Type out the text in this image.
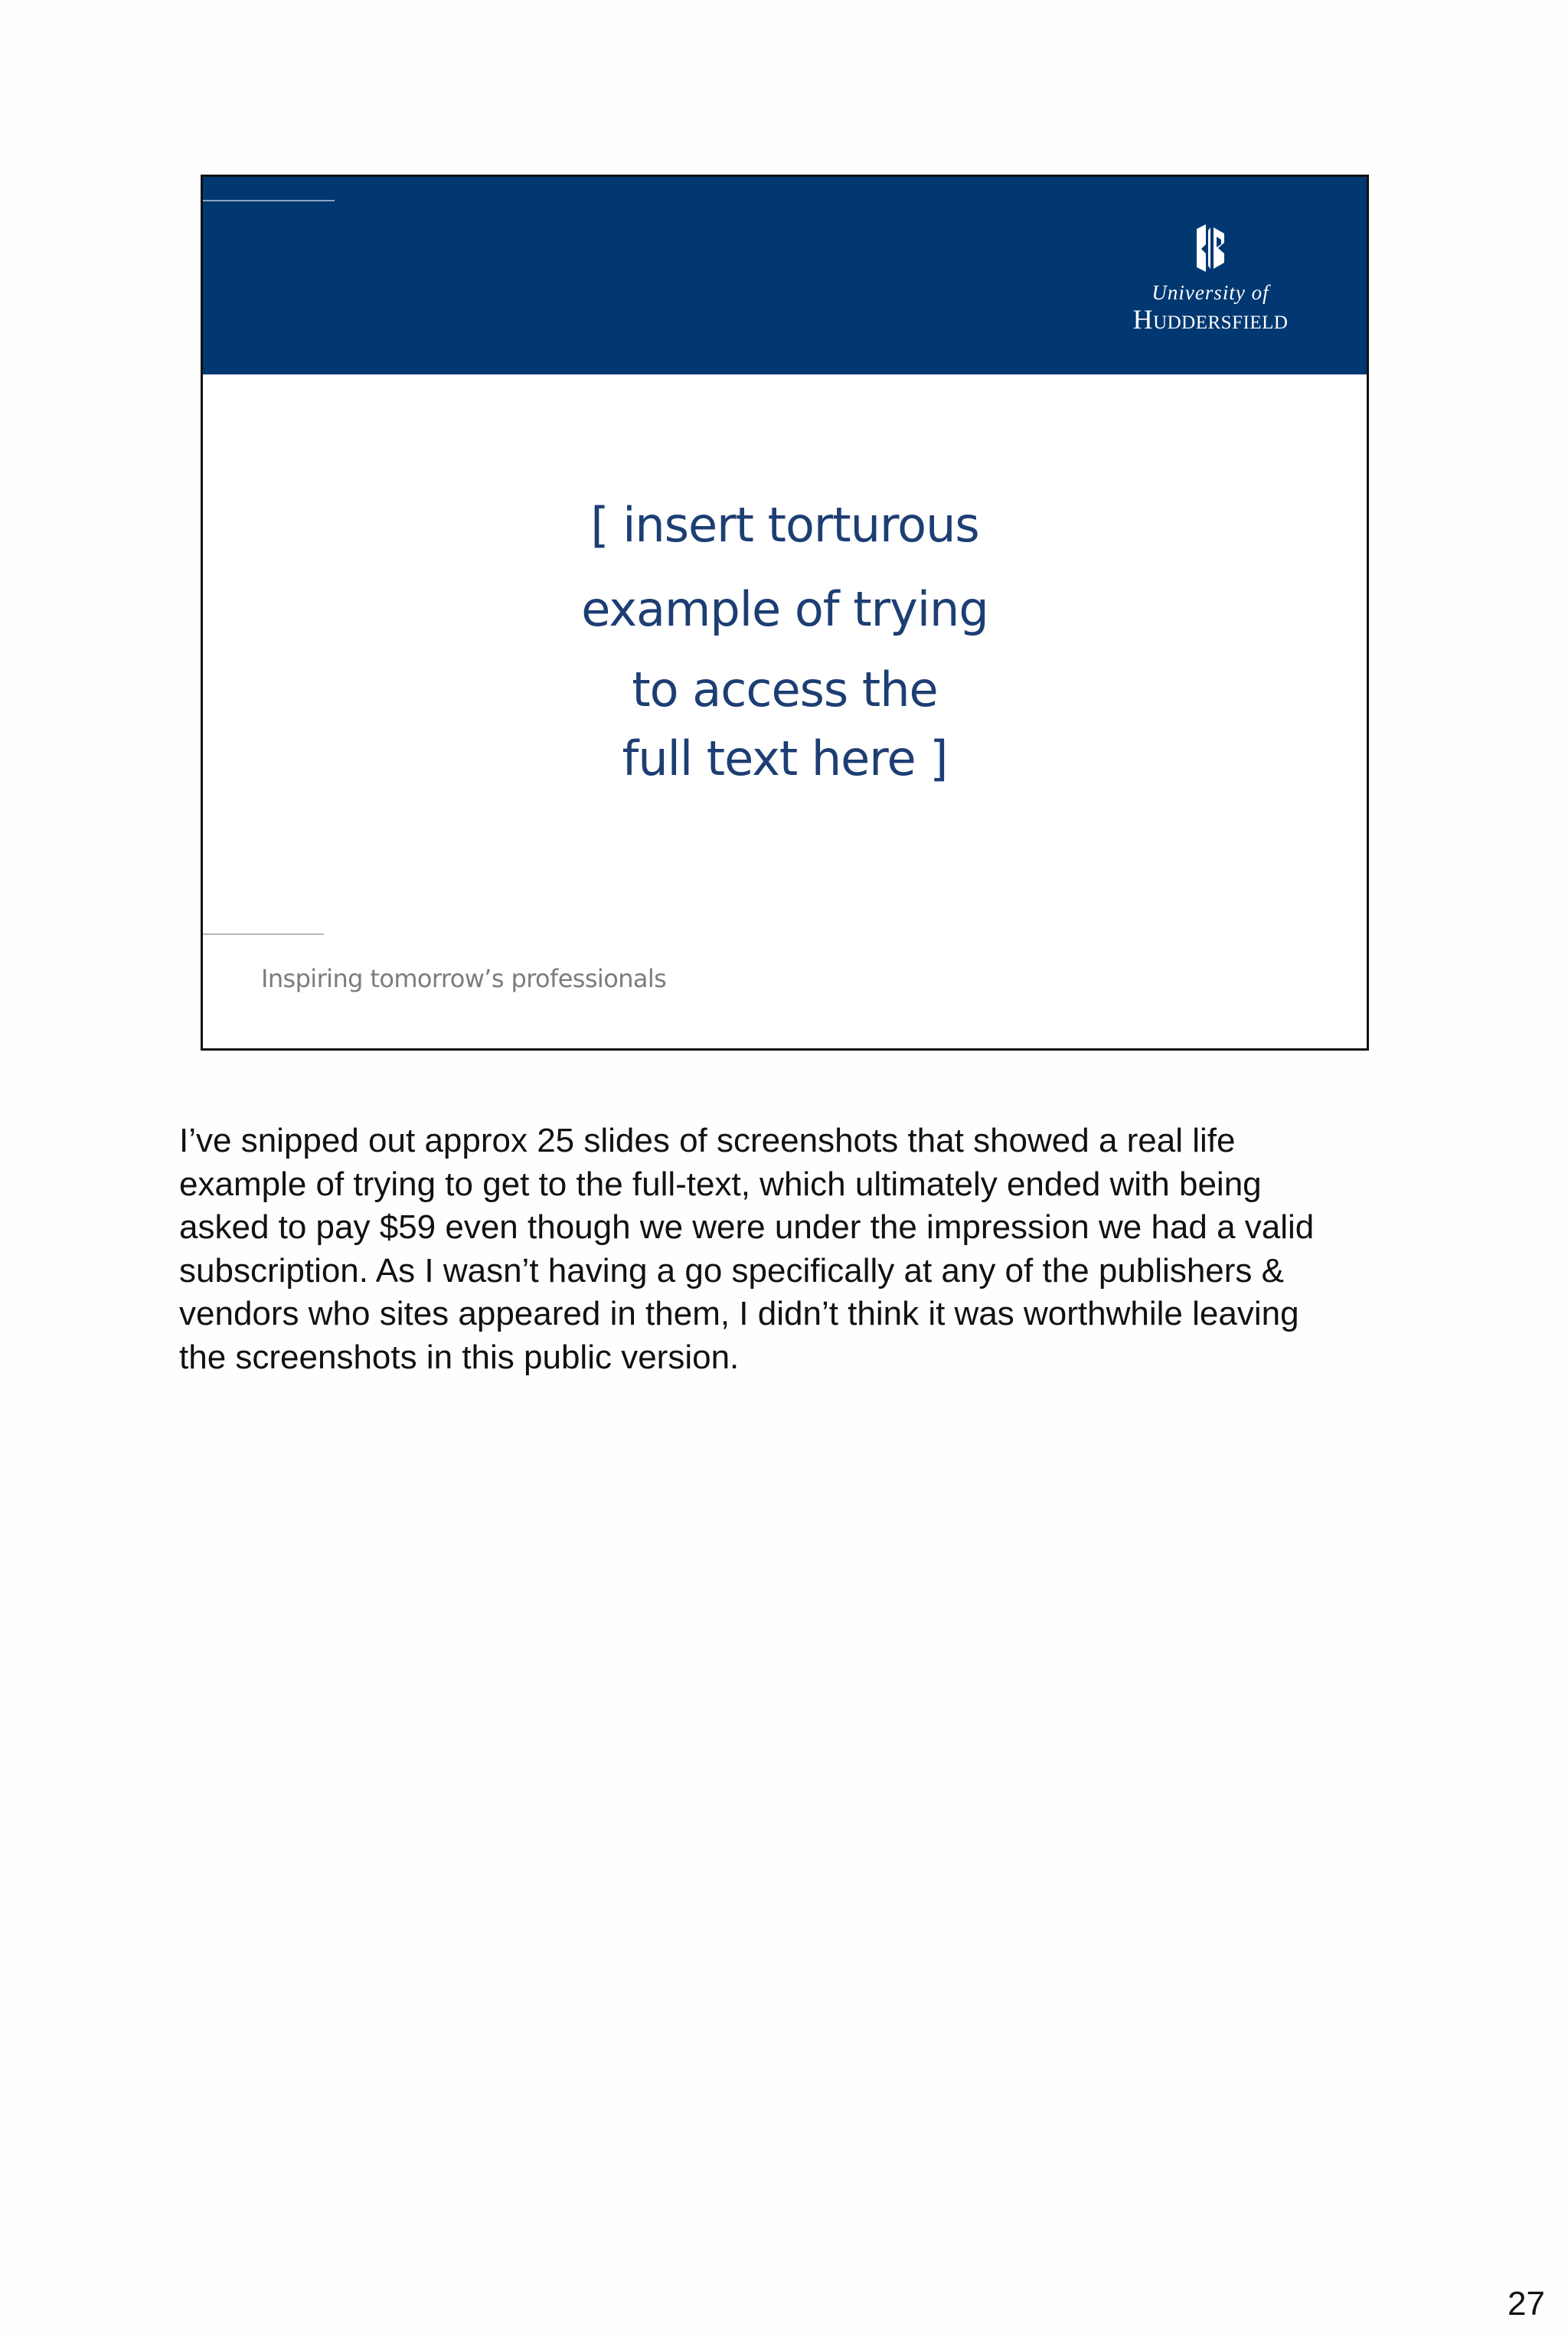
University of
Huddersfield
[ insert torturous
example of trying
to access the
full text here ]
Inspiring tomorrow’s professionals
I’ve snipped out approx 25 slides of screenshots that showed a real life
example of trying to get to the full-text, which ultimately ended with being
asked to pay $59 even though we were under the impression we had a valid
subscription. As I wasn’t having a go specifically at any of the publishers &
vendors who sites appeared in them, I didn’t think it was worthwhile leaving
the screenshots in this public version.
27
